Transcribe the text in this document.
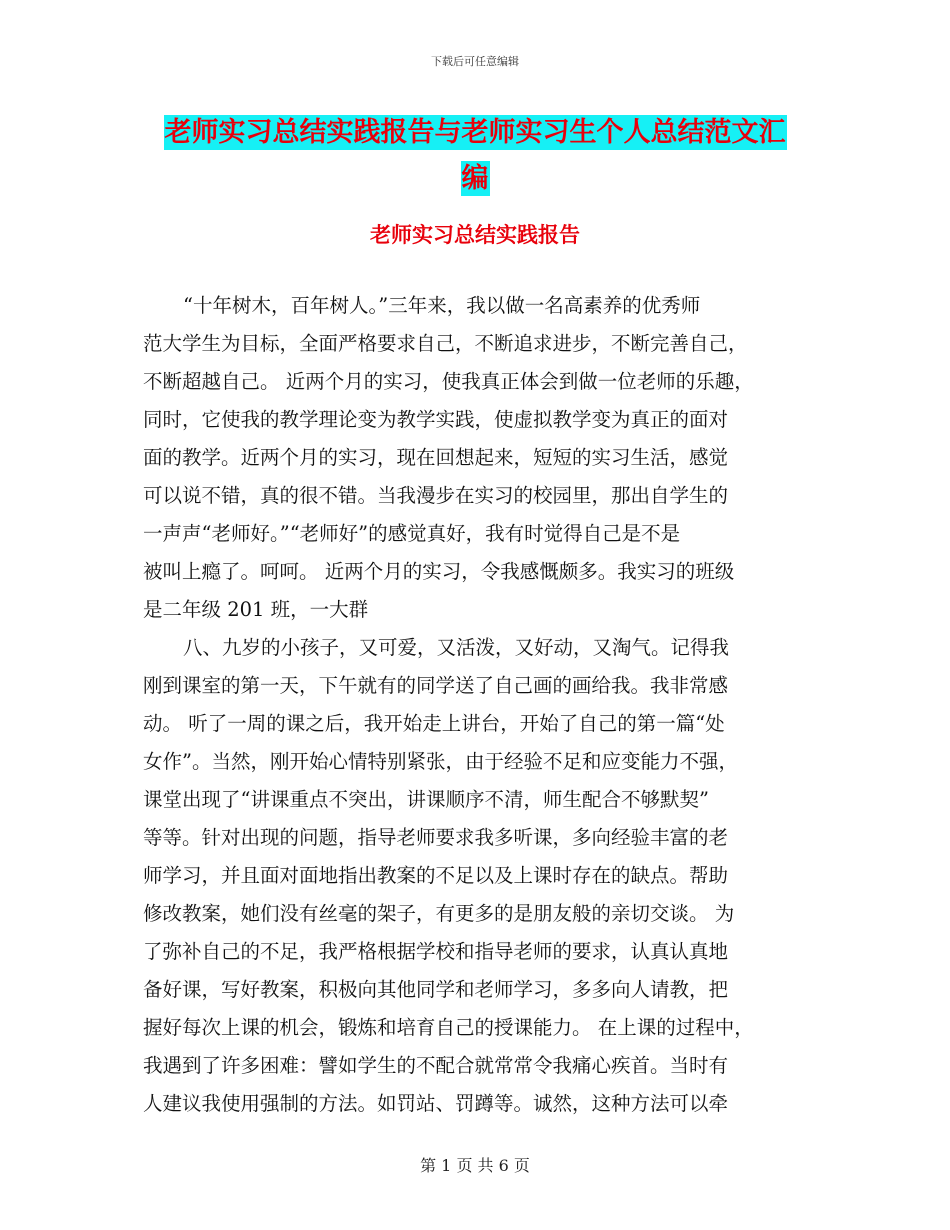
下载后可任意编辑
老师实习总结实践报告与老师实习生个人总结范文汇
编
老师实习总结实践报告
“十年树木，百年树人。”三年来，我以做一名高素养的优秀师
范大学生为目标，全面严格要求自己，不断追求进步，不断完善自己，
不断超越自己。 近两个月的实习，使我真正体会到做一位老师的乐趣，
同时，它使我的教学理论变为教学实践，使虚拟教学变为真正的面对
面的教学。近两个月的实习，现在回想起来，短短的实习生活，感觉
可以说不错，真的很不错。当我漫步在实习的校园里，那出自学生的
一声声“老师好。”“老师好”的感觉真好，我有时觉得自己是不是
被叫上瘾了。呵呵。 近两个月的实习，令我感慨颇多。我实习的班级
是二年级 201 班，一大群
八、九岁的小孩子，又可爱，又活泼，又好动，又淘气。记得我
刚到课室的第一天，下午就有的同学送了自己画的画给我。我非常感
动。 听了一周的课之后，我开始走上讲台，开始了自己的第一篇“处
女作”。当然，刚开始心情特别紧张，由于经验不足和应变能力不强，
课堂出现了“讲课重点不突出，讲课顺序不清，师生配合不够默契”
等等。针对出现的问题，指导老师要求我多听课，多向经验丰富的老
师学习，并且面对面地指出教案的不足以及上课时存在的缺点。帮助
修改教案，她们没有丝毫的架子，有更多的是朋友般的亲切交谈。 为
了弥补自己的不足，我严格根据学校和指导老师的要求，认真认真地
备好课，写好教案，积极向其他同学和老师学习，多多向人请教，把
握好每次上课的机会，锻炼和培育自己的授课能力。 在上课的过程中，
我遇到了许多困难：譬如学生的不配合就常常令我痛心疾首。当时有
人建议我使用强制的方法。如罚站、罚蹲等。诚然，这种方法可以牵
第 1 页 共 6 页
